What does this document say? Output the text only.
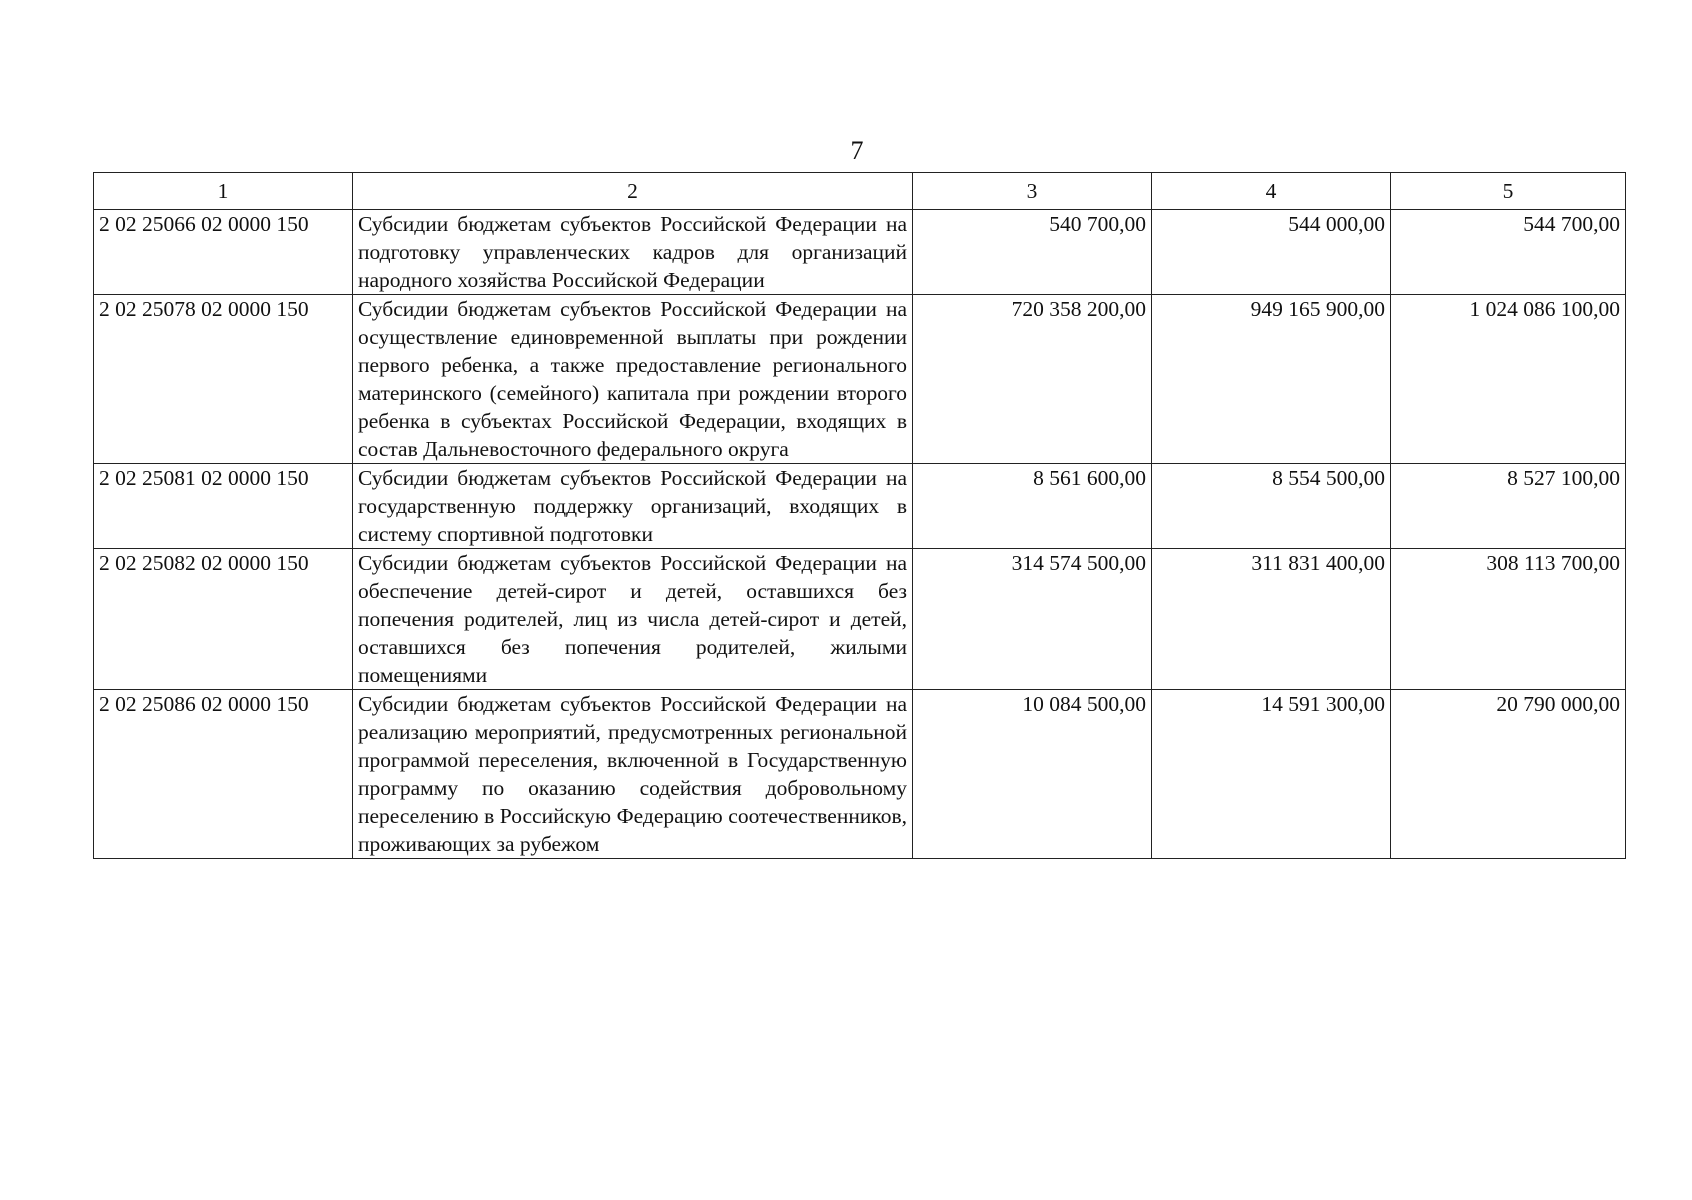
7
1	2	3	4	5
2 02 25066 02 0000 150	Субсидии бюджетам субъектов Российской Федерации на подготовку управленческих кадров для организаций народного хозяйства Российской Федерации	540 700,00	544 000,00	544 700,00
2 02 25078 02 0000 150	Субсидии бюджетам субъектов Российской Федерации на осуществление единовременной выплаты при рождении первого ребенка, а также предоставление регионального материнского (семейного) капитала при рождении второго ребенка в субъектах Российской Федерации, входящих в состав Дальневосточного федерального округа	720 358 200,00	949 165 900,00	1 024 086 100,00
2 02 25081 02 0000 150	Субсидии бюджетам субъектов Российской Федерации на государственную поддержку организаций, входящих в систему спортивной подготовки	8 561 600,00	8 554 500,00	8 527 100,00
2 02 25082 02 0000 150	Субсидии бюджетам субъектов Российской Федерации на обеспечение детей-сирот и детей, оставшихся без попечения родителей, лиц из числа детей-сирот и детей, оставшихся без попечения родителей, жилыми помещениями	314 574 500,00	311 831 400,00	308 113 700,00
2 02 25086 02 0000 150	Субсидии бюджетам субъектов Российской Федерации на реализацию мероприятий, предусмотренных региональной программой переселения, включенной в Государственную программу по оказанию содействия добровольному переселению в Российскую Федерацию соотечественников, проживающих за рубежом	10 084 500,00	14 591 300,00	20 790 000,00
